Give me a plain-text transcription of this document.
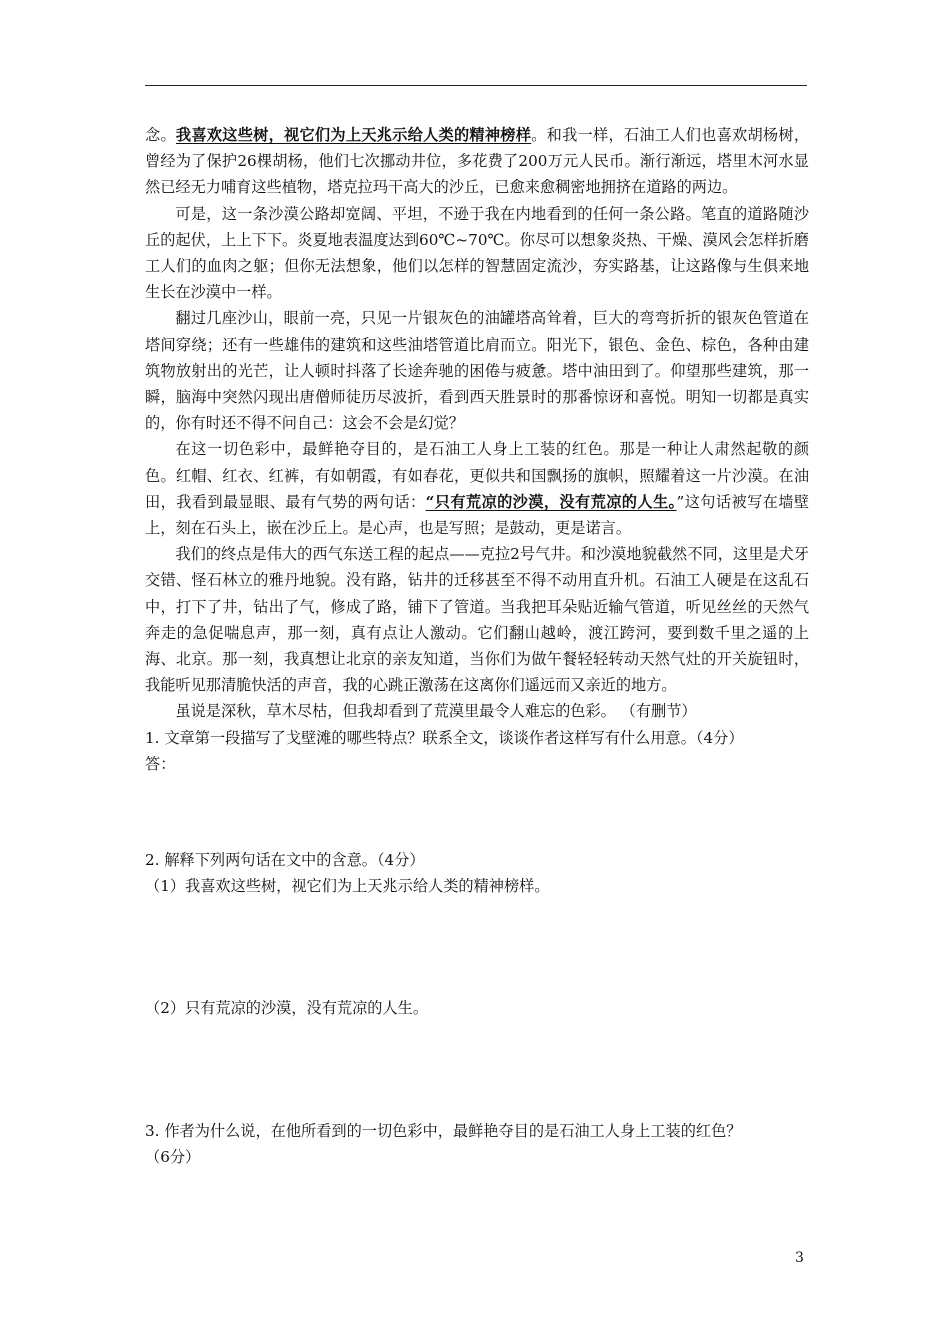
念。我喜欢这些树，视它们为上天兆示给人类的精神榜样。和我一样，石油工人们也喜欢胡杨树，曾经为了保护26棵胡杨，他们七次挪动井位，多花费了200万元人民币。渐行渐远，塔里木河水显然已经无力哺育这些植物，塔克拉玛干高大的沙丘，已愈来愈稠密地拥挤在道路的两边。

可是，这一条沙漠公路却宽阔、平坦，不逊于我在内地看到的任何一条公路。笔直的道路随沙丘的起伏，上上下下。炎夏地表温度达到60℃~70℃。你尽可以想象炎热、干燥、漠风会怎样折磨工人们的血肉之躯；但你无法想象，他们以怎样的智慧固定流沙，夯实路基，让这路像与生俱来地生长在沙漠中一样。

翻过几座沙山，眼前一亮，只见一片银灰色的油罐塔高耸着，巨大的弯弯折折的银灰色管道在塔间穿绕；还有一些雄伟的建筑和这些油塔管道比肩而立。阳光下，银色、金色、棕色，各种由建筑物放射出的光芒，让人顿时抖落了长途奔驰的困倦与疲惫。塔中油田到了。仰望那些建筑，那一瞬，脑海中突然闪现出唐僧师徒历尽波折，看到西天胜景时的那番惊讶和喜悦。明知一切都是真实的，你有时还不得不问自己：这会不会是幻觉？

在这一切色彩中，最鲜艳夺目的，是石油工人身上工装的红色。那是一种让人肃然起敬的颜色。红帽、红衣、红裤，有如朝霞，有如春花，更似共和国飘扬的旗帜，照耀着这一片沙漠。在油田，我看到最显眼、最有气势的两句话：“只有荒凉的沙漠，没有荒凉的人生。”这句话被写在墙壁上，刻在石头上，嵌在沙丘上。是心声，也是写照；是鼓动，更是诺言。

我们的终点是伟大的西气东送工程的起点——克拉2号气井。和沙漠地貌截然不同，这里是犬牙交错、怪石林立的雅丹地貌。没有路，钻井的迁移甚至不得不动用直升机。石油工人硬是在这乱石中，打下了井，钻出了气，修成了路，铺下了管道。当我把耳朵贴近输气管道，听见丝丝的天然气奔走的急促喘息声，那一刻，真有点让人激动。它们翻山越岭，渡江跨河，要到数千里之遥的上海、北京。那一刻，我真想让北京的亲友知道，当你们为做午餐轻轻转动天然气灶的开关旋钮时，我能听见那清脆快活的声音，我的心跳正激荡在这离你们遥远而又亲近的地方。

虽说是深秋，草木尽枯，但我却看到了荒漠里最令人难忘的色彩。 （有删节）

1. 文章第一段描写了戈壁滩的哪些特点？联系全文，谈谈作者这样写有什么用意。（4分）

答：

2. 解释下列两句话在文中的含意。（4分）

（1）我喜欢这些树，视它们为上天兆示给人类的精神榜样。

（2）只有荒凉的沙漠，没有荒凉的人生。

3. 作者为什么说，在他所看到的一切色彩中，最鲜艳夺目的是石油工人身上工装的红色？

（6分）

3
